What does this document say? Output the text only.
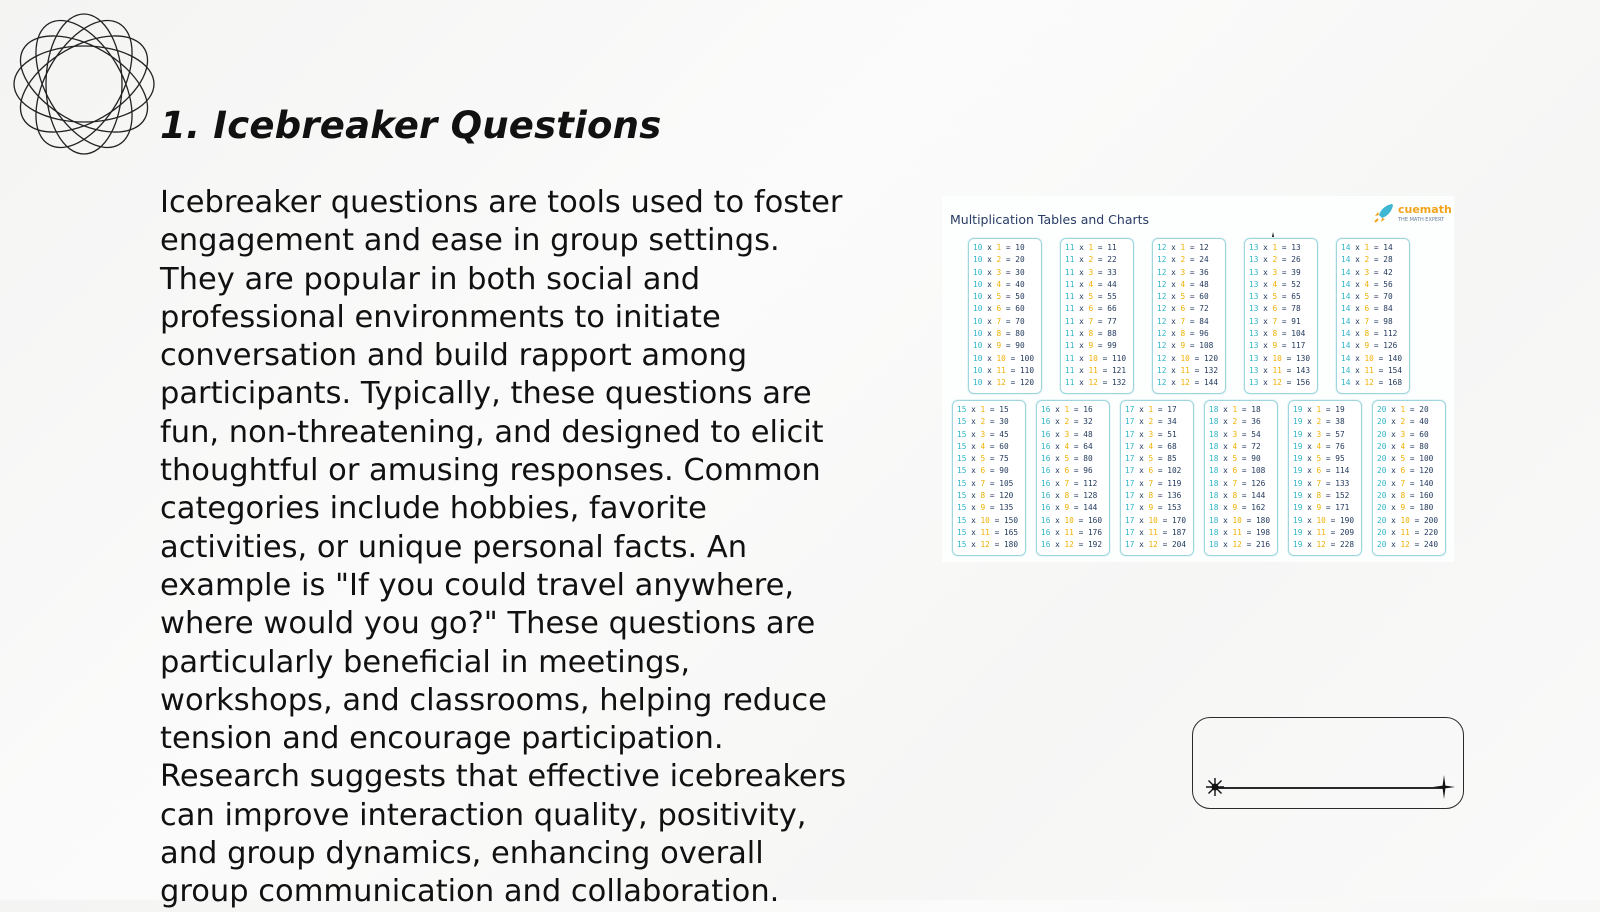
1. Icebreaker Questions

Icebreaker questions are tools used to foster
engagement and ease in group settings.
They are popular in both social and
professional environments to initiate
conversation and build rapport among
participants. Typically, these questions are
fun, non-threatening, and designed to elicit
thoughtful or amusing responses. Common
categories include hobbies, favorite
activities, or unique personal facts. An
example is "If you could travel anywhere,
where would you go?" These questions are
particularly beneficial in meetings,
workshops, and classrooms, helping reduce
tension and encourage participation.
Research suggests that effective icebreakers
can improve interaction quality, positivity,
and group dynamics, enhancing overall
group communication and collaboration.

Multiplication Tables and Charts
cuemath
THE MATH EXPERT
10 x 1 = 10
10 x 2 = 20
10 x 3 = 30
10 x 4 = 40
10 x 5 = 50
10 x 6 = 60
10 x 7 = 70
10 x 8 = 80
10 x 9 = 90
10 x 10 = 100
10 x 11 = 110
10 x 12 = 120
11 x 1 = 11
11 x 2 = 22
11 x 3 = 33
11 x 4 = 44
11 x 5 = 55
11 x 6 = 66
11 x 7 = 77
11 x 8 = 88
11 x 9 = 99
11 x 10 = 110
11 x 11 = 121
11 x 12 = 132
12 x 1 = 12
12 x 2 = 24
12 x 3 = 36
12 x 4 = 48
12 x 5 = 60
12 x 6 = 72
12 x 7 = 84
12 x 8 = 96
12 x 9 = 108
12 x 10 = 120
12 x 11 = 132
12 x 12 = 144
13 x 1 = 13
13 x 2 = 26
13 x 3 = 39
13 x 4 = 52
13 x 5 = 65
13 x 6 = 78
13 x 7 = 91
13 x 8 = 104
13 x 9 = 117
13 x 10 = 130
13 x 11 = 143
13 x 12 = 156
14 x 1 = 14
14 x 2 = 28
14 x 3 = 42
14 x 4 = 56
14 x 5 = 70
14 x 6 = 84
14 x 7 = 98
14 x 8 = 112
14 x 9 = 126
14 x 10 = 140
14 x 11 = 154
14 x 12 = 168
15 x 1 = 15
15 x 2 = 30
15 x 3 = 45
15 x 4 = 60
15 x 5 = 75
15 x 6 = 90
15 x 7 = 105
15 x 8 = 120
15 x 9 = 135
15 x 10 = 150
15 x 11 = 165
15 x 12 = 180
16 x 1 = 16
16 x 2 = 32
16 x 3 = 48
16 x 4 = 64
16 x 5 = 80
16 x 6 = 96
16 x 7 = 112
16 x 8 = 128
16 x 9 = 144
16 x 10 = 160
16 x 11 = 176
16 x 12 = 192
17 x 1 = 17
17 x 2 = 34
17 x 3 = 51
17 x 4 = 68
17 x 5 = 85
17 x 6 = 102
17 x 7 = 119
17 x 8 = 136
17 x 9 = 153
17 x 10 = 170
17 x 11 = 187
17 x 12 = 204
18 x 1 = 18
18 x 2 = 36
18 x 3 = 54
18 x 4 = 72
18 x 5 = 90
18 x 6 = 108
18 x 7 = 126
18 x 8 = 144
18 x 9 = 162
18 x 10 = 180
18 x 11 = 198
18 x 12 = 216
19 x 1 = 19
19 x 2 = 38
19 x 3 = 57
19 x 4 = 76
19 x 5 = 95
19 x 6 = 114
19 x 7 = 133
19 x 8 = 152
19 x 9 = 171
19 x 10 = 190
19 x 11 = 209
19 x 12 = 228
20 x 1 = 20
20 x 2 = 40
20 x 3 = 60
20 x 4 = 80
20 x 5 = 100
20 x 6 = 120
20 x 7 = 140
20 x 8 = 160
20 x 9 = 180
20 x 10 = 200
20 x 11 = 220
20 x 12 = 240
